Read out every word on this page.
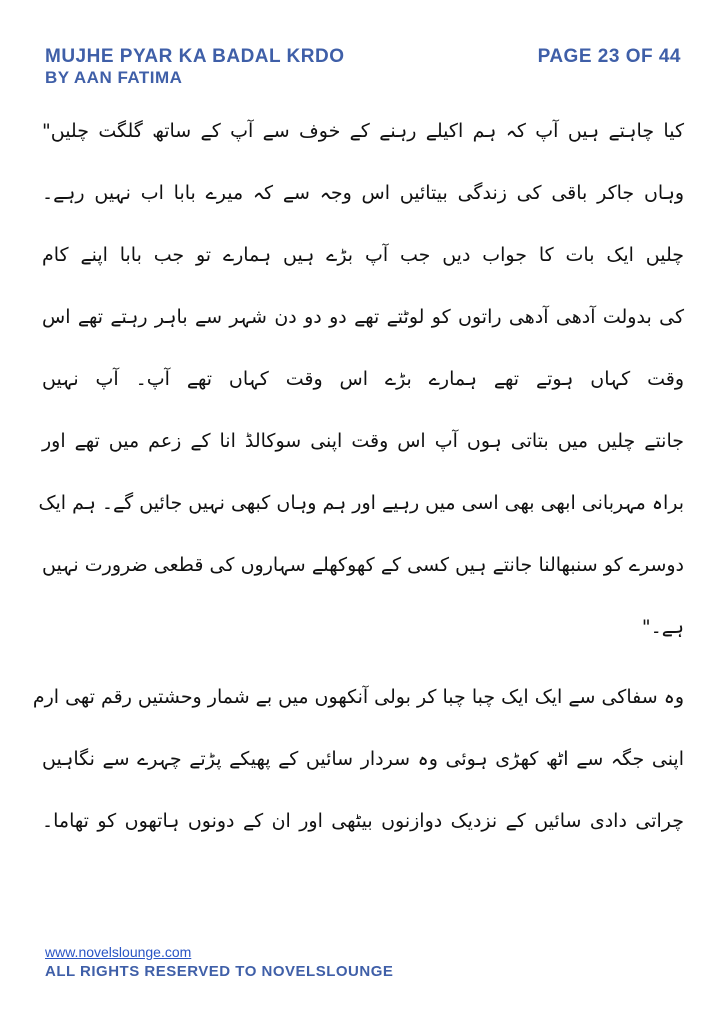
MUJHE PYAR KA BADAL KRDO
BY AAN FATIMA
PAGE 23 OF 44
کیا چاہتے ہیں آپ کہ ہم اکیلے رہنے کے خوف سے آپ کے ساتھ گلگت چلیں"
وہاں جاکر باقی کی زندگی بیتائیں اس وجہ سے کہ میرے بابا اب نہیں رہے۔
چلیں ایک بات کا جواب دیں جب آپ بڑے ہیں ہمارے تو جب بابا اپنے کام
کی بدولت آدھی آدھی راتوں کو لوٹتے تھے دو دو دن شہر سے باہر رہتے تھے اس
وقت کہاں ہوتے تھے ہمارے بڑے اس وقت کہاں تھے آپ۔ آپ نہیں
جانتے چلیں میں بتاتی ہوں آپ اس وقت اپنی سوکالڈ انا کے زعم میں تھے اور
براہ مہربانی ابھی بھی اسی میں رہیے اور ہم وہاں کبھی نہیں جائیں گے۔ ہم ایک
دوسرے کو سنبھالنا جانتے ہیں کسی کے کھوکھلے سہاروں کی قطعی ضرورت نہیں
ہے۔"
وہ سفاکی سے ایک ایک چبا چبا کر بولی آنکھوں میں بے شمار وحشتیں رقم تھی ارم
اپنی جگہ سے اٹھ کھڑی ہوئی وہ سردار سائیں کے پھیکے پڑتے چہرے سے نگاہیں
چراتی دادی سائیں کے نزدیک دوازنوں بیٹھی اور ان کے دونوں ہاتھوں کو تھاما۔
www.novelslounge.com
ALL RIGHTS RESERVED TO NOVELSLOUNGE
